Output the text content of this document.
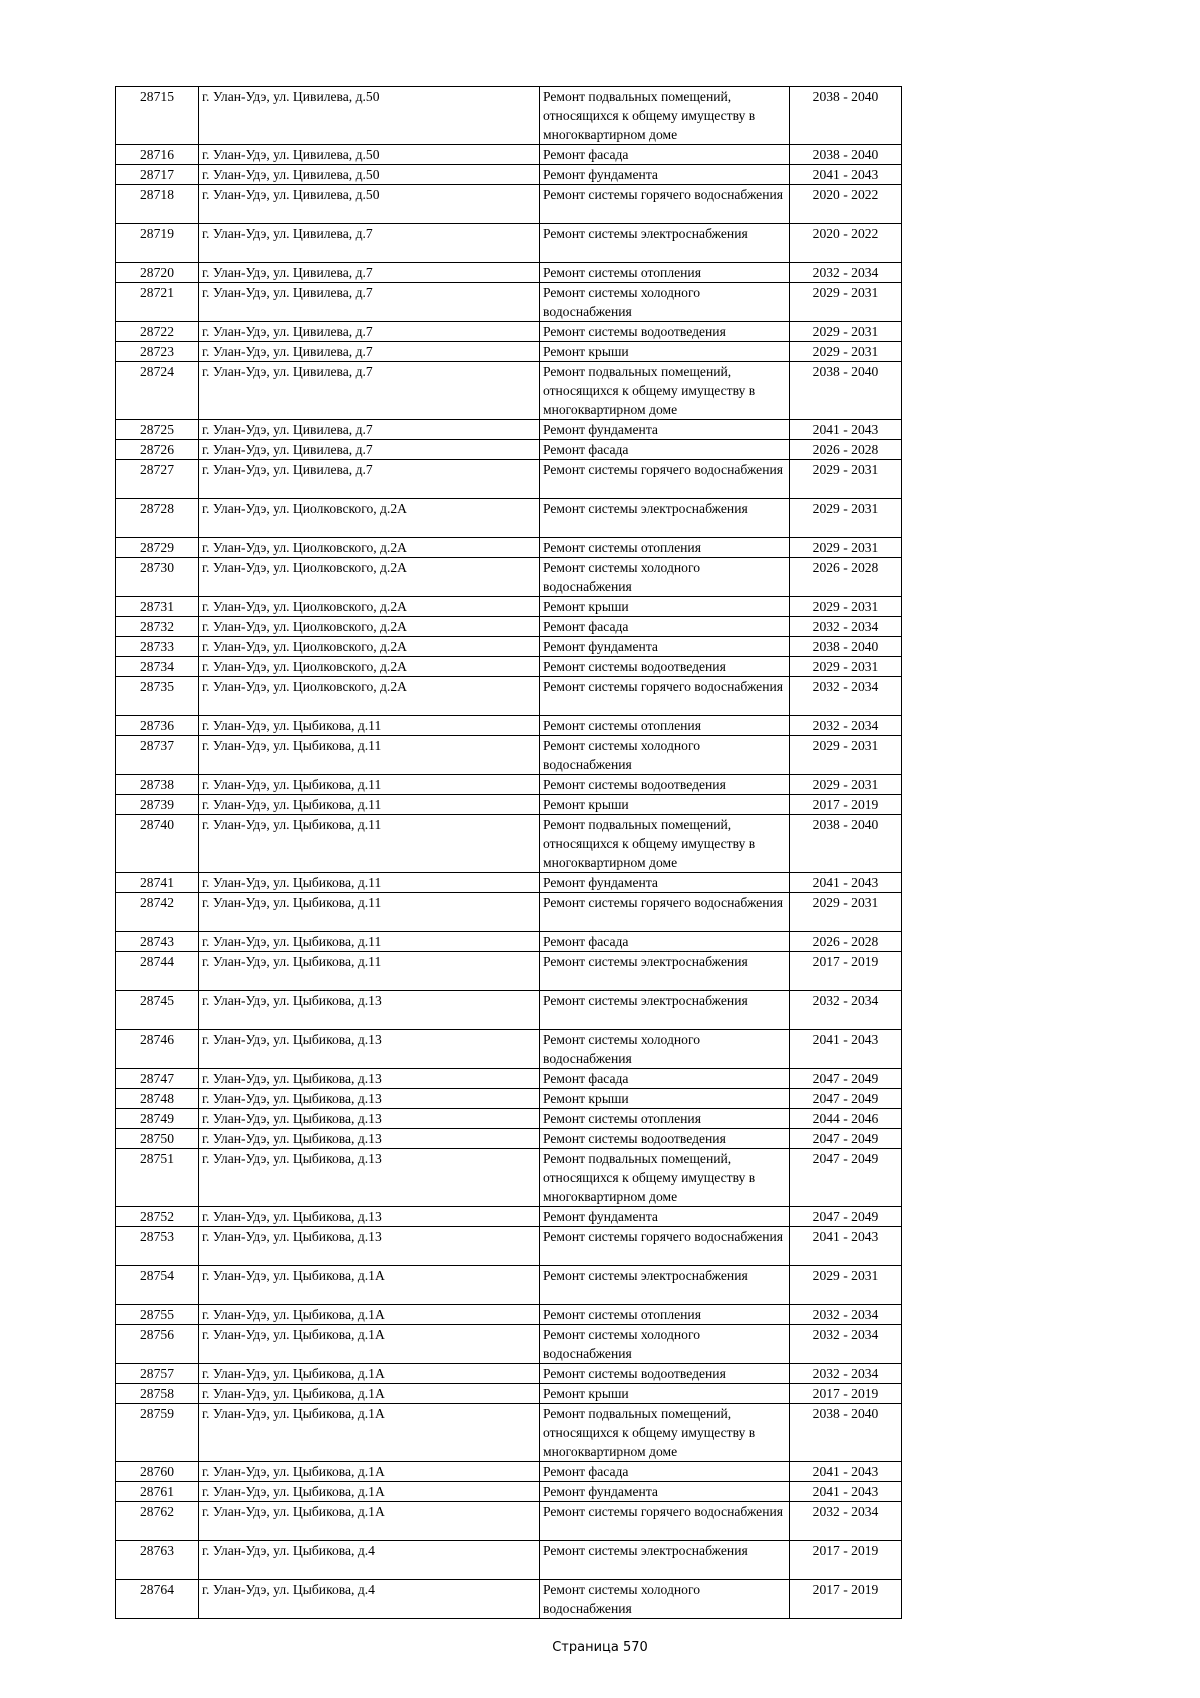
28715	г. Улан-Удэ, ул. Цивилева, д.50	Ремонт подвальных помещений, относящихся к общему имуществу в многоквартирном доме	2038 - 2040
28716	г. Улан-Удэ, ул. Цивилева, д.50	Ремонт фасада	2038 - 2040
28717	г. Улан-Удэ, ул. Цивилева, д.50	Ремонт фундамента	2041 - 2043
28718	г. Улан-Удэ, ул. Цивилева, д.50	Ремонт системы горячего водоснабжения	2020 - 2022
28719	г. Улан-Удэ, ул. Цивилева, д.7	Ремонт системы электроснабжения	2020 - 2022
28720	г. Улан-Удэ, ул. Цивилева, д.7	Ремонт системы отопления	2032 - 2034
28721	г. Улан-Удэ, ул. Цивилева, д.7	Ремонт системы холодного водоснабжения	2029 - 2031
28722	г. Улан-Удэ, ул. Цивилева, д.7	Ремонт системы водоотведения	2029 - 2031
28723	г. Улан-Удэ, ул. Цивилева, д.7	Ремонт крыши	2029 - 2031
28724	г. Улан-Удэ, ул. Цивилева, д.7	Ремонт подвальных помещений, относящихся к общему имуществу в многоквартирном доме	2038 - 2040
28725	г. Улан-Удэ, ул. Цивилева, д.7	Ремонт фундамента	2041 - 2043
28726	г. Улан-Удэ, ул. Цивилева, д.7	Ремонт фасада	2026 - 2028
28727	г. Улан-Удэ, ул. Цивилева, д.7	Ремонт системы горячего водоснабжения	2029 - 2031
28728	г. Улан-Удэ, ул. Циолковского, д.2А	Ремонт системы электроснабжения	2029 - 2031
28729	г. Улан-Удэ, ул. Циолковского, д.2А	Ремонт системы отопления	2029 - 2031
28730	г. Улан-Удэ, ул. Циолковского, д.2А	Ремонт системы холодного водоснабжения	2026 - 2028
28731	г. Улан-Удэ, ул. Циолковского, д.2А	Ремонт крыши	2029 - 2031
28732	г. Улан-Удэ, ул. Циолковского, д.2А	Ремонт фасада	2032 - 2034
28733	г. Улан-Удэ, ул. Циолковского, д.2А	Ремонт фундамента	2038 - 2040
28734	г. Улан-Удэ, ул. Циолковского, д.2А	Ремонт системы водоотведения	2029 - 2031
28735	г. Улан-Удэ, ул. Циолковского, д.2А	Ремонт системы горячего водоснабжения	2032 - 2034
28736	г. Улан-Удэ, ул. Цыбикова, д.11	Ремонт системы отопления	2032 - 2034
28737	г. Улан-Удэ, ул. Цыбикова, д.11	Ремонт системы холодного водоснабжения	2029 - 2031
28738	г. Улан-Удэ, ул. Цыбикова, д.11	Ремонт системы водоотведения	2029 - 2031
28739	г. Улан-Удэ, ул. Цыбикова, д.11	Ремонт крыши	2017 - 2019
28740	г. Улан-Удэ, ул. Цыбикова, д.11	Ремонт подвальных помещений, относящихся к общему имуществу в многоквартирном доме	2038 - 2040
28741	г. Улан-Удэ, ул. Цыбикова, д.11	Ремонт фундамента	2041 - 2043
28742	г. Улан-Удэ, ул. Цыбикова, д.11	Ремонт системы горячего водоснабжения	2029 - 2031
28743	г. Улан-Удэ, ул. Цыбикова, д.11	Ремонт фасада	2026 - 2028
28744	г. Улан-Удэ, ул. Цыбикова, д.11	Ремонт системы электроснабжения	2017 - 2019
28745	г. Улан-Удэ, ул. Цыбикова, д.13	Ремонт системы электроснабжения	2032 - 2034
28746	г. Улан-Удэ, ул. Цыбикова, д.13	Ремонт системы холодного водоснабжения	2041 - 2043
28747	г. Улан-Удэ, ул. Цыбикова, д.13	Ремонт фасада	2047 - 2049
28748	г. Улан-Удэ, ул. Цыбикова, д.13	Ремонт крыши	2047 - 2049
28749	г. Улан-Удэ, ул. Цыбикова, д.13	Ремонт системы отопления	2044 - 2046
28750	г. Улан-Удэ, ул. Цыбикова, д.13	Ремонт системы водоотведения	2047 - 2049
28751	г. Улан-Удэ, ул. Цыбикова, д.13	Ремонт подвальных помещений, относящихся к общему имуществу в многоквартирном доме	2047 - 2049
28752	г. Улан-Удэ, ул. Цыбикова, д.13	Ремонт фундамента	2047 - 2049
28753	г. Улан-Удэ, ул. Цыбикова, д.13	Ремонт системы горячего водоснабжения	2041 - 2043
28754	г. Улан-Удэ, ул. Цыбикова, д.1А	Ремонт системы электроснабжения	2029 - 2031
28755	г. Улан-Удэ, ул. Цыбикова, д.1А	Ремонт системы отопления	2032 - 2034
28756	г. Улан-Удэ, ул. Цыбикова, д.1А	Ремонт системы холодного водоснабжения	2032 - 2034
28757	г. Улан-Удэ, ул. Цыбикова, д.1А	Ремонт системы водоотведения	2032 - 2034
28758	г. Улан-Удэ, ул. Цыбикова, д.1А	Ремонт крыши	2017 - 2019
28759	г. Улан-Удэ, ул. Цыбикова, д.1А	Ремонт подвальных помещений, относящихся к общему имуществу в многоквартирном доме	2038 - 2040
28760	г. Улан-Удэ, ул. Цыбикова, д.1А	Ремонт фасада	2041 - 2043
28761	г. Улан-Удэ, ул. Цыбикова, д.1А	Ремонт фундамента	2041 - 2043
28762	г. Улан-Удэ, ул. Цыбикова, д.1А	Ремонт системы горячего водоснабжения	2032 - 2034
28763	г. Улан-Удэ, ул. Цыбикова, д.4	Ремонт системы электроснабжения	2017 - 2019
28764	г. Улан-Удэ, ул. Цыбикова, д.4	Ремонт системы холодного водоснабжения	2017 - 2019
Страница 570
